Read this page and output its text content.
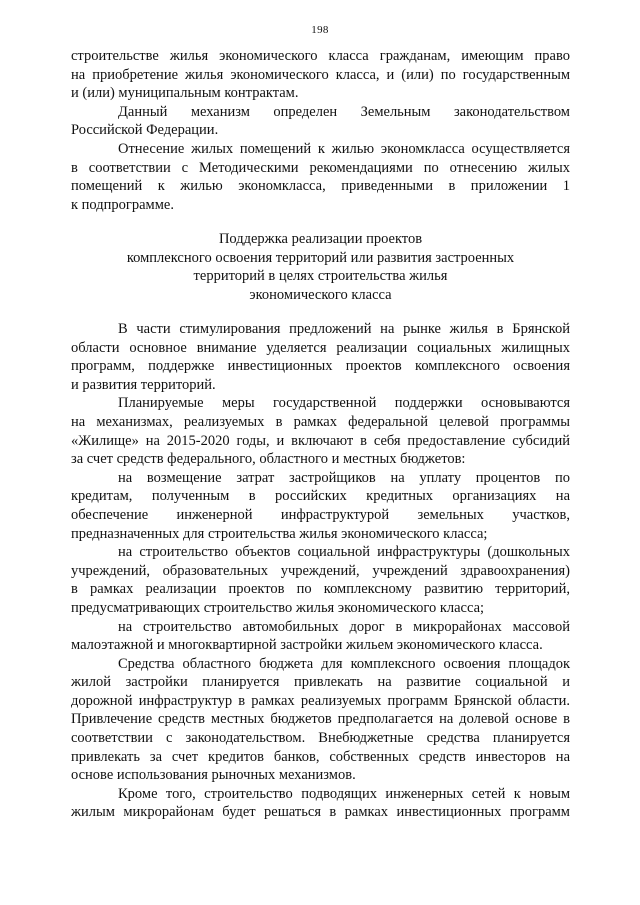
198
строительстве жилья экономического класса гражданам, имеющим право
на приобретение жилья экономического класса, и (или) по государственным
и (или) муниципальным контрактам.
Данный механизм определен Земельным законодательством
Российской Федерации.
Отнесение жилых помещений к жилью экономкласса осуществляется
в соответствии с Методическими рекомендациями по отнесению жилых
помещений к жилью экономкласса, приведенными в приложении 1
к подпрограмме.
Поддержка реализации проектов
комплексного освоения территорий или развития застроенных
территорий в целях строительства жилья
экономического класса
В части стимулирования предложений на рынке жилья в Брянской
области основное внимание уделяется реализации социальных жилищных
программ, поддержке инвестиционных проектов комплексного освоения
и развития территорий.
Планируемые меры государственной поддержки основываются
на механизмах, реализуемых в рамках федеральной целевой программы
«Жилище» на 2015-2020 годы, и включают в себя предоставление субсидий
за счет средств федерального, областного и местных бюджетов:
на возмещение затрат застройщиков на уплату процентов по
кредитам, полученным в российских кредитных организациях на
обеспечение инженерной инфраструктурой земельных участков,
предназначенных для строительства жилья экономического класса;
на строительство объектов социальной инфраструктуры (дошкольных
учреждений, образовательных учреждений, учреждений здравоохранения)
в рамках реализации проектов по комплексному развитию территорий,
предусматривающих строительство жилья экономического класса;
на строительство автомобильных дорог в микрорайонах массовой
малоэтажной и многоквартирной застройки жильем экономического класса.
Средства областного бюджета для комплексного освоения площадок
жилой застройки планируется привлекать на развитие социальной и
дорожной инфраструктур в рамках реализуемых программ Брянской области.
Привлечение средств местных бюджетов предполагается на долевой основе в
соответствии с законодательством. Внебюджетные средства планируется
привлекать за счет кредитов банков, собственных средств инвесторов на
основе использования рыночных механизмов.
Кроме того, строительство подводящих инженерных сетей к новым
жилым микрорайонам будет решаться в рамках инвестиционных программ
